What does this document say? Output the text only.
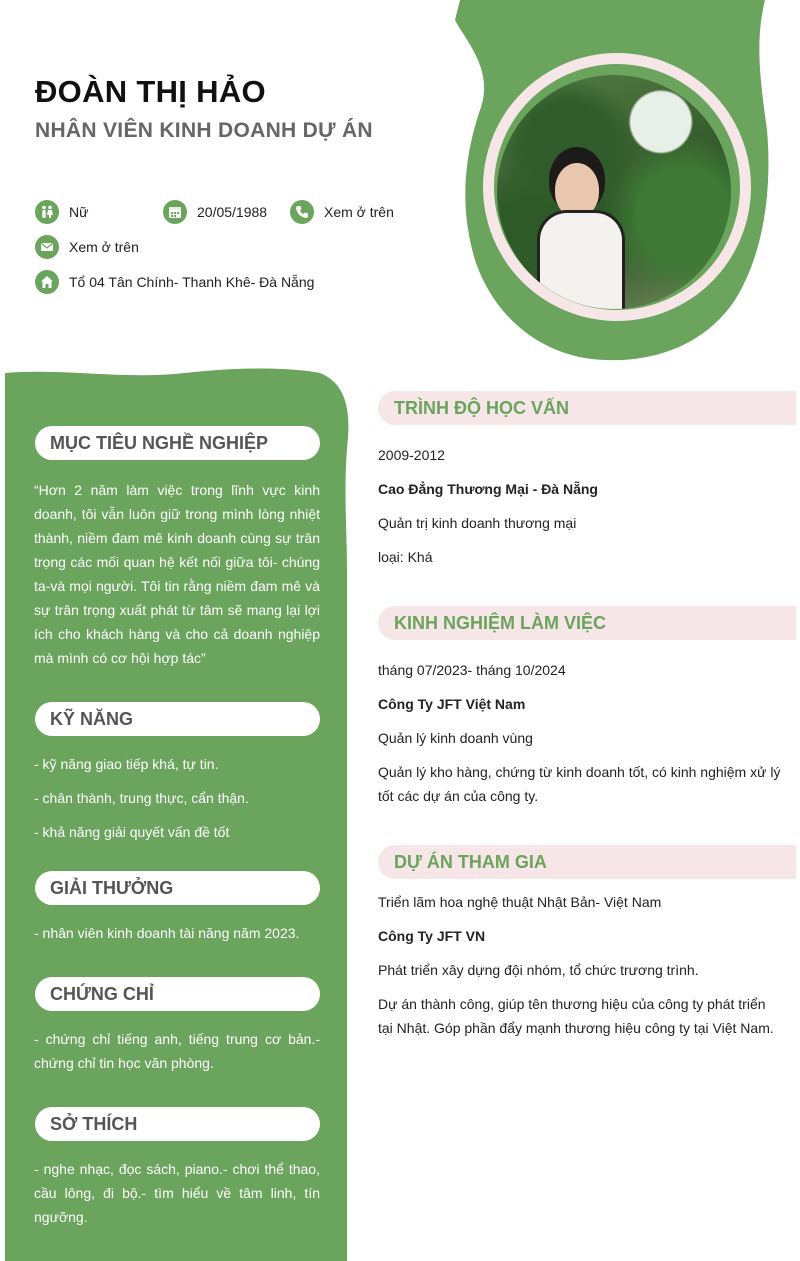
ĐOÀN THỊ HẢO
NHÂN VIÊN KINH DOANH DỰ ÁN
Nữ	20/05/1988	Xem ở trên
Xem ở trên
Tổ 04 Tân Chính- Thanh Khê- Đà Nẵng
MỤC TIÊU NGHỀ NGHIỆP

“Hơn 2 năm làm việc trong lĩnh vực kinh doanh, tôi vẫn luôn giữ trong mình lòng nhiệt thành, niềm đam mê kinh doanh cùng sự trân trọng các mối quan hệ kết nối giữa tôi- chúng ta-và mọi người. Tôi tin rằng niềm đam mê và sự trân trọng xuất phát từ tâm sẽ mang lại lợi ích cho khách hàng và cho cả doanh nghiệp mà mình có cơ hội hợp tác”

KỸ NĂNG

- kỹ năng giao tiếp khá, tự tin.

- chân thành, trung thực, cẩn thận.

- khả năng giải quyết vấn đề tốt

GIẢI THƯỞNG

- nhân viên kinh doanh tài năng năm 2023.

CHỨNG CHỈ

- chứng chỉ tiếng anh, tiếng trung cơ bản.- chứng chỉ tin học văn phòng.

SỞ THÍCH

- nghe nhạc, đọc sách, piano.- chơi thể thao, cầu lông, đi bộ.- tìm hiểu về tâm linh, tín ngưỡng.

TRÌNH ĐỘ HỌC VẤN

2009-2012

Cao Đẳng Thương Mại - Đà Nẵng

Quản trị kinh doanh thương mại

loại: Khá

KINH NGHIỆM LÀM VIỆC

tháng 07/2023- tháng 10/2024

Công Ty JFT Việt Nam

Quản lý kinh doanh vùng

Quản lý kho hàng, chứng từ kinh doanh tốt, có kinh nghiệm xử lý tốt các dự án của công ty.

DỰ ÁN THAM GIA

Triển lãm hoa nghệ thuật Nhật Bản- Việt Nam

Công Ty JFT VN

Phát triển xây dựng đội nhóm, tổ chức trương trình.

Dự án thành công, giúp tên thương hiệu của công ty phát triển tại Nhật. Góp phần đẩy mạnh thương hiệu công ty tại Việt Nam.
